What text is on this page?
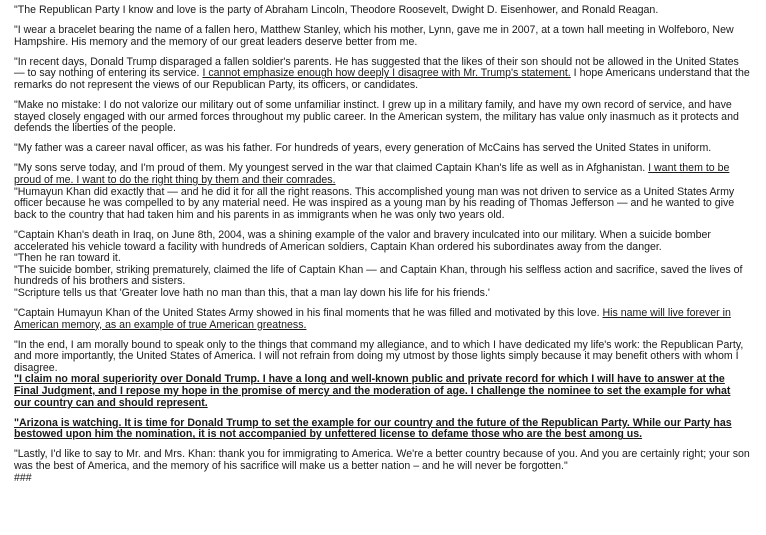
"The Republican Party I know and love is the party of Abraham Lincoln, Theodore Roosevelt, Dwight D. Eisenhower, and Ronald Reagan.

"I wear a bracelet bearing the name of a fallen hero, Matthew Stanley, which his mother, Lynn, gave me in 2007, at a town hall meeting in Wolfeboro, New Hampshire. His memory and the memory of our great leaders deserve better from me.

"In recent days, Donald Trump disparaged a fallen soldier's parents. He has suggested that the likes of their son should not be allowed in the United States — to say nothing of entering its service. I cannot emphasize enough how deeply I disagree with Mr. Trump's statement. I hope Americans understand that the remarks do not represent the views of our Republican Party, its officers, or candidates.

"Make no mistake: I do not valorize our military out of some unfamiliar instinct. I grew up in a military family, and have my own record of service, and have stayed closely engaged with our armed forces throughout my public career. In the American system, the military has value only inasmuch as it protects and defends the liberties of the people.

"My father was a career naval officer, as was his father. For hundreds of years, every generation of McCains has served the United States in uniform.

"My sons serve today, and I'm proud of them. My youngest served in the war that claimed Captain Khan's life as well as in Afghanistan. I want them to be proud of me. I want to do the right thing by them and their comrades.

"Humayun Khan did exactly that — and he did it for all the right reasons. This accomplished young man was not driven to service as a United States Army officer because he was compelled to by any material need. He was inspired as a young man by his reading of Thomas Jefferson — and he wanted to give back to the country that had taken him and his parents in as immigrants when he was only two years old.

"Captain Khan's death in Iraq, on June 8th, 2004, was a shining example of the valor and bravery inculcated into our military. When a suicide bomber accelerated his vehicle toward a facility with hundreds of American soldiers, Captain Khan ordered his subordinates away from the danger.

"Then he ran toward it.

"The suicide bomber, striking prematurely, claimed the life of Captain Khan — and Captain Khan, through his selfless action and sacrifice, saved the lives of hundreds of his brothers and sisters.

"Scripture tells us that 'Greater love hath no man than this, that a man lay down his life for his friends.'

"Captain Humayun Khan of the United States Army showed in his final moments that he was filled and motivated by this love. His name will live forever in American memory, as an example of true American greatness.

"In the end, I am morally bound to speak only to the things that command my allegiance, and to which I have dedicated my life's work: the Republican Party, and more importantly, the United States of America. I will not refrain from doing my utmost by those lights simply because it may benefit others with whom I disagree.

"I claim no moral superiority over Donald Trump. I have a long and well-known public and private record for which I will have to answer at the Final Judgment, and I repose my hope in the promise of mercy and the moderation of age. I challenge the nominee to set the example for what our country can and should represent.

"Arizona is watching. It is time for Donald Trump to set the example for our country and the future of the Republican Party. While our Party has bestowed upon him the nomination, it is not accompanied by unfettered license to defame those who are the best among us.

"Lastly, I'd like to say to Mr. and Mrs. Khan: thank you for immigrating to America. We're a better country because of you. And you are certainly right; your son was the best of America, and the memory of his sacrifice will make us a better nation – and he will never be forgotten."

###
